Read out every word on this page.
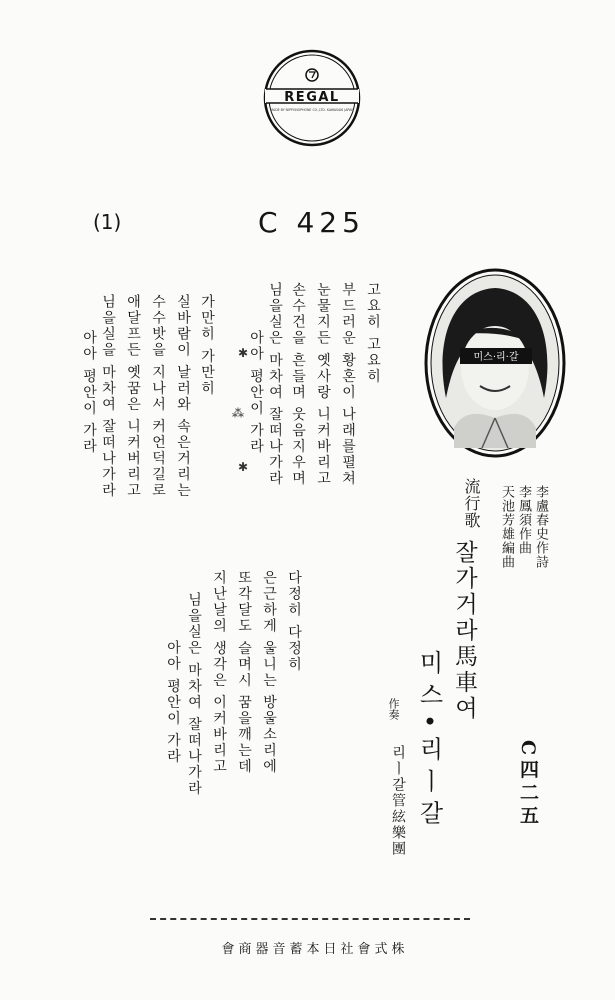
REGAL
MADE BY NIPPONOPHONE CO.,LTD. KAWASAKI JAPAN
(1)	C 425
미스·리·갈
C四二五
李盧春史作詩
李鳳須作曲
天池芳雄編曲
流行歌
잘가거라馬車여
作奏 미스•리ㅣ갈
리ㅣ갈管絃樂團
고요히 고요히
부드러운 황혼이 나래를펼쳐
눈물지든 옛사랑 니커바리고
손수건을 흔들며 웃음지우며
님을실은 마차여 잘떠나가라
아아 평안이 가라
✱
⁂
✱
가만히 가만히
실바람이 날러와 속은거리는
수수밧을 지나서 커언덕길로
애달프든 옛꿈은 니커버리고
님을실을 마차여 잘떠나가라
아아 평안이 가라
다정히 다정히
은근하게 울니는 방울소리에
또각달도 슬며시 꿈을깨는데
지난날의 생각은 이커바리고
님을실은 마차여 잘떠나가라
아아 평안이 가라
株式會社日本蓄音器商會
